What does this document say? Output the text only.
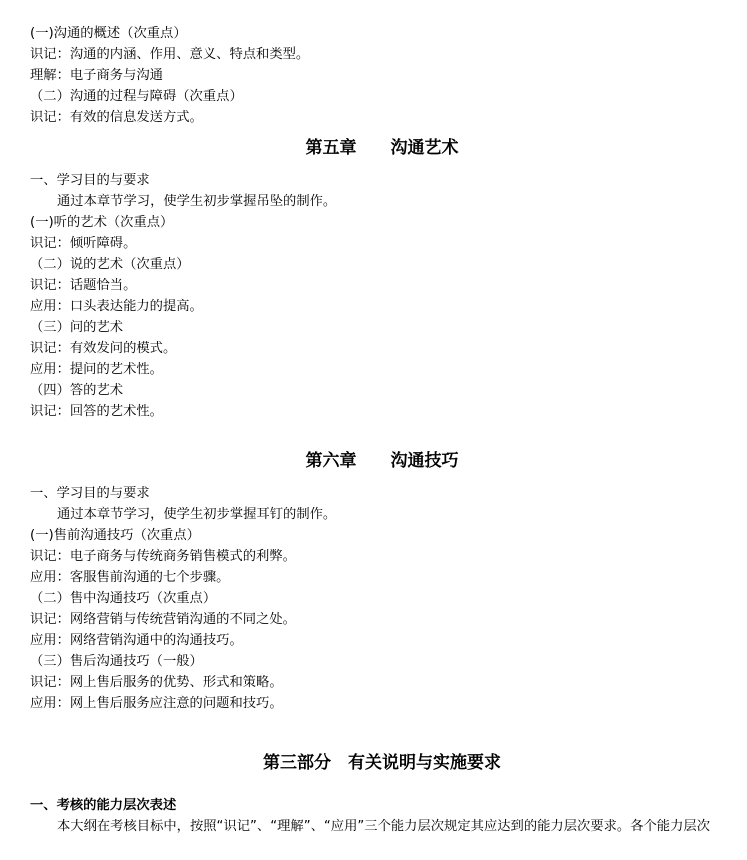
(一)沟通的概述（次重点）
识记：沟通的内涵、作用、意义、特点和类型。
理解：电子商务与沟通
（二）沟通的过程与障碍（次重点）
识记：有效的信息发送方式。
第五章　　沟通艺术
一、学习目的与要求
通过本章节学习，使学生初步掌握吊坠的制作。
(一)听的艺术（次重点）
识记：倾听障碍。
（二）说的艺术（次重点）
识记：话题恰当。
应用：口头表达能力的提高。
（三）问的艺术
识记：有效发问的模式。
应用：提问的艺术性。
（四）答的艺术
识记：回答的艺术性。
第六章　　沟通技巧
一、学习目的与要求
通过本章节学习，使学生初步掌握耳钉的制作。
(一)售前沟通技巧（次重点）
识记：电子商务与传统商务销售模式的利弊。
应用：客服售前沟通的七个步骤。
（二）售中沟通技巧（次重点）
识记：网络营销与传统营销沟通的不同之处。
应用：网络营销沟通中的沟通技巧。
（三）售后沟通技巧（一般）
识记：网上售后服务的优势、形式和策略。
应用：网上售后服务应注意的问题和技巧。
第三部分　有关说明与实施要求
一、考核的能力层次表述
本大纲在考核目标中，按照“识记”、“理解”、“应用”三个能力层次规定其应达到的能力层次要求。各个能力层次
